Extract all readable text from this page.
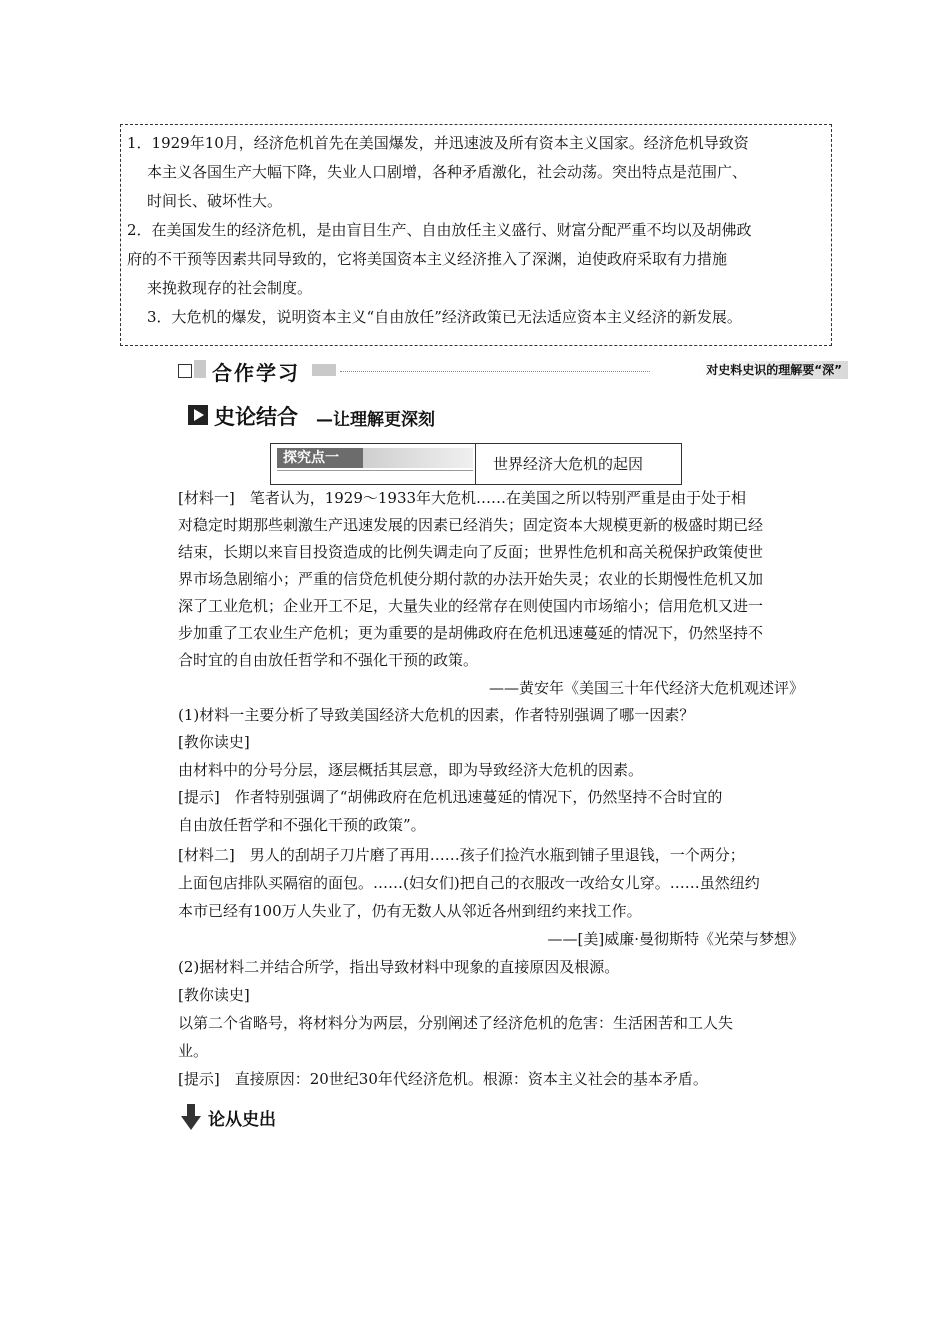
1．1929年10月，经济危机首先在美国爆发，并迅速波及所有资本主义国家。经济危机导致资

本主义各国生产大幅下降，失业人口剧增，各种矛盾激化，社会动荡。突出特点是范围广、

时间长、破坏性大。

2．在美国发生的经济危机，是由盲目生产、自由放任主义盛行、财富分配严重不均以及胡佛政

府的不干预等因素共同导致的，它将美国资本主义经济推入了深渊，迫使政府采取有力措施

来挽救现存的社会制度。

3．大危机的爆发，说明资本主义“自由放任”经济政策已无法适应资本主义经济的新发展。

合作学习	对史料史识的理解要“深”
史论结合 —让理解更深刻
探究点一	世界经济大危机的起因

[材料一]　笔者认为，1929～1933年大危机……在美国之所以特别严重是由于处于相

对稳定时期那些刺激生产迅速发展的因素已经消失；固定资本大规模更新的极盛时期已经

结束，长期以来盲目投资造成的比例失调走向了反面；世界性危机和高关税保护政策使世

界市场急剧缩小；严重的信贷危机使分期付款的办法开始失灵；农业的长期慢性危机又加

深了工业危机；企业开工不足，大量失业的经常存在则使国内市场缩小；信用危机又进一

步加重了工农业生产危机；更为重要的是胡佛政府在危机迅速蔓延的情况下，仍然坚持不

合时宜的自由放任哲学和不强化干预的政策。

——黄安年《美国三十年代经济大危机观述评》

(1)材料一主要分析了导致美国经济大危机的因素，作者特别强调了哪一因素？

[教你读史]

由材料中的分号分层，逐层概括其层意，即为导致经济大危机的因素。

[提示]　作者特别强调了“胡佛政府在危机迅速蔓延的情况下，仍然坚持不合时宜的

自由放任哲学和不强化干预的政策”。

[材料二]　男人的刮胡子刀片磨了再用……孩子们捡汽水瓶到铺子里退钱，一个两分；

上面包店排队买隔宿的面包。……(妇女们)把自己的衣服改一改给女儿穿。……虽然纽约

本市已经有100万人失业了，仍有无数人从邻近各州到纽约来找工作。

——[美]威廉·曼彻斯特《光荣与梦想》

(2)据材料二并结合所学，指出导致材料中现象的直接原因及根源。

[教你读史]

以第二个省略号，将材料分为两层，分别阐述了经济危机的危害：生活困苦和工人失

业。

[提示]　直接原因：20世纪30年代经济危机。根源：资本主义社会的基本矛盾。

论从史出
